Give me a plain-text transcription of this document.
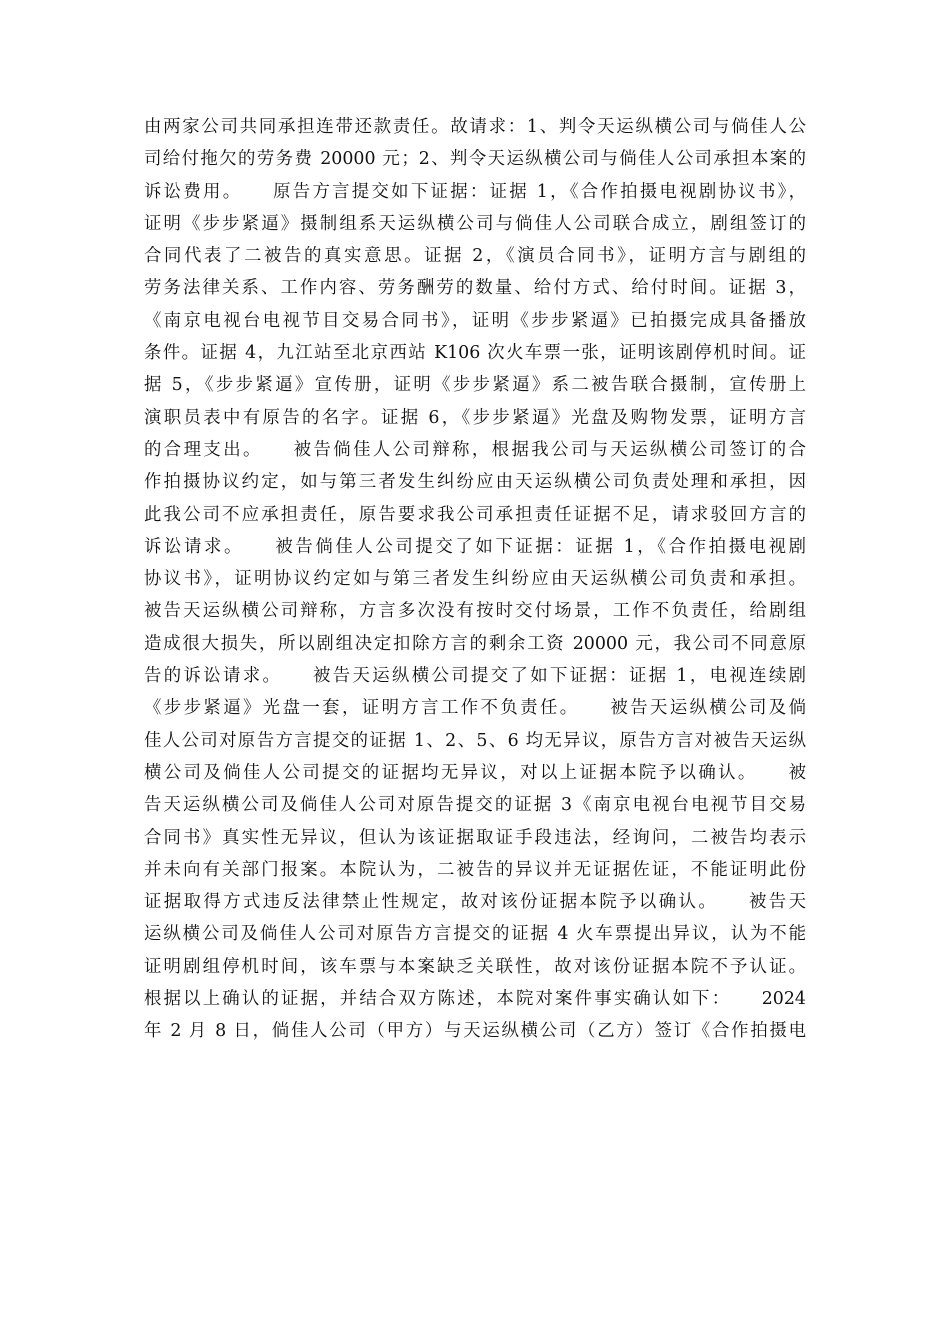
由两家公司共同承担连带还款责任。故请求：1、判令天运纵横公司与倘佳人公
司给付拖欠的劳务费 20000 元；2、判令天运纵横公司与倘佳人公司承担本案的
诉讼费用。　　原告方言提交如下证据：证据 1，《合作拍摄电视剧协议书》，
证明《步步紧逼》摄制组系天运纵横公司与倘佳人公司联合成立，剧组签订的
合同代表了二被告的真实意思。证据 2，《演员合同书》，证明方言与剧组的
劳务法律关系、工作内容、劳务酬劳的数量、给付方式、给付时间。证据 3，
《南京电视台电视节目交易合同书》，证明《步步紧逼》已拍摄完成具备播放
条件。证据 4，九江站至北京西站 K106 次火车票一张，证明该剧停机时间。证
据 5，《步步紧逼》宣传册，证明《步步紧逼》系二被告联合摄制，宣传册上
演职员表中有原告的名字。证据 6，《步步紧逼》光盘及购物发票，证明方言
的合理支出。　　被告倘佳人公司辩称，根据我公司与天运纵横公司签订的合
作拍摄协议约定，如与第三者发生纠纷应由天运纵横公司负责处理和承担，因
此我公司不应承担责任，原告要求我公司承担责任证据不足，请求驳回方言的
诉讼请求。　　被告倘佳人公司提交了如下证据：证据 1，《合作拍摄电视剧
协议书》，证明协议约定如与第三者发生纠纷应由天运纵横公司负责和承担。
被告天运纵横公司辩称，方言多次没有按时交付场景，工作不负责任，给剧组
造成很大损失，所以剧组决定扣除方言的剩余工资 20000 元，我公司不同意原
告的诉讼请求。　　被告天运纵横公司提交了如下证据：证据 1，电视连续剧
《步步紧逼》光盘一套，证明方言工作不负责任。　　被告天运纵横公司及倘
佳人公司对原告方言提交的证据 1、2、5、6 均无异议，原告方言对被告天运纵
横公司及倘佳人公司提交的证据均无异议，对以上证据本院予以确认。　　被
告天运纵横公司及倘佳人公司对原告提交的证据 3《南京电视台电视节目交易
合同书》真实性无异议，但认为该证据取证手段违法，经询问，二被告均表示
并未向有关部门报案。本院认为，二被告的异议并无证据佐证，不能证明此份
证据取得方式违反法律禁止性规定，故对该份证据本院予以确认。　　被告天
运纵横公司及倘佳人公司对原告方言提交的证据 4 火车票提出异议，认为不能
证明剧组停机时间，该车票与本案缺乏关联性，故对该份证据本院不予认证。
根据以上确认的证据，并结合双方陈述，本院对案件事实确认如下：　　2024
年 2 月 8 日，倘佳人公司（甲方）与天运纵横公司（乙方）签订《合作拍摄电
